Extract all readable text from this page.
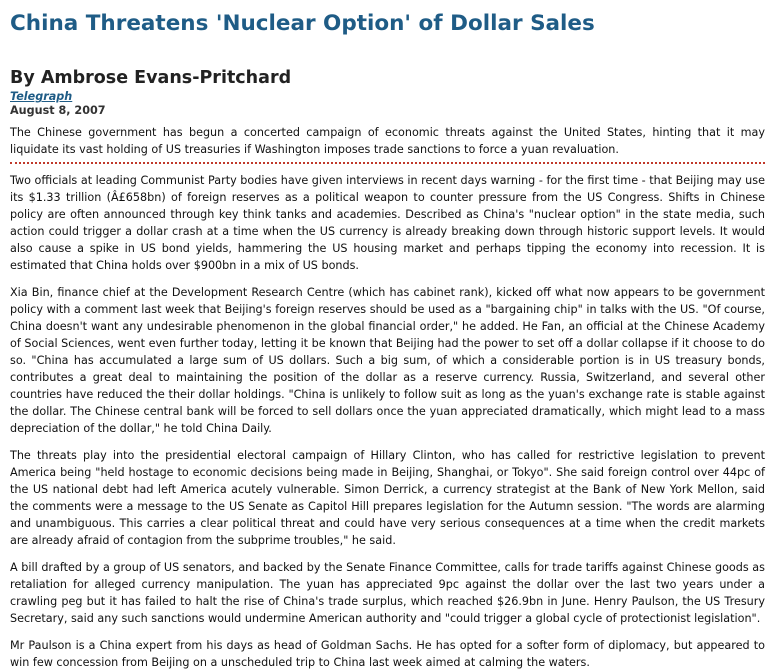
China Threatens 'Nuclear Option' of Dollar Sales
By Ambrose Evans-Pritchard
Telegraph

August 8, 2007

The Chinese government has begun a concerted campaign of economic threats against the United States, hinting that it may liquidate its vast holding of US treasuries if Washington imposes trade sanctions to force a yuan revaluation.

Two officials at leading Communist Party bodies have given interviews in recent days warning - for the first time - that Beijing may use its $1.33 trillion (Â£658bn) of foreign reserves as a political weapon to counter pressure from the US Congress. Shifts in Chinese policy are often announced through key think tanks and academies. Described as China's "nuclear option" in the state media, such action could trigger a dollar crash at a time when the US currency is already breaking down through historic support levels. It would also cause a spike in US bond yields, hammering the US housing market and perhaps tipping the economy into recession. It is estimated that China holds over $900bn in a mix of US bonds.

Xia Bin, finance chief at the Development Research Centre (which has cabinet rank), kicked off what now appears to be government policy with a comment last week that Beijing's foreign reserves should be used as a "bargaining chip" in talks with the US. "Of course, China doesn't want any undesirable phenomenon in the global financial order," he added. He Fan, an official at the Chinese Academy of Social Sciences, went even further today, letting it be known that Beijing had the power to set off a dollar collapse if it choose to do so. "China has accumulated a large sum of US dollars. Such a big sum, of which a considerable portion is in US treasury bonds, contributes a great deal to maintaining the position of the dollar as a reserve currency. Russia, Switzerland, and several other countries have reduced the their dollar holdings. "China is unlikely to follow suit as long as the yuan's exchange rate is stable against the dollar. The Chinese central bank will be forced to sell dollars once the yuan appreciated dramatically, which might lead to a mass depreciation of the dollar," he told China Daily.

The threats play into the presidential electoral campaign of Hillary Clinton, who has called for restrictive legislation to prevent America being "held hostage to economic decisions being made in Beijing, Shanghai, or Tokyo". She said foreign control over 44pc of the US national debt had left America acutely vulnerable. Simon Derrick, a currency strategist at the Bank of New York Mellon, said the comments were a message to the US Senate as Capitol Hill prepares legislation for the Autumn session. "The words are alarming and unambiguous. This carries a clear political threat and could have very serious consequences at a time when the credit markets are already afraid of contagion from the subprime troubles," he said.

A bill drafted by a group of US senators, and backed by the Senate Finance Committee, calls for trade tariffs against Chinese goods as retaliation for alleged currency manipulation. The yuan has appreciated 9pc against the dollar over the last two years under a crawling peg but it has failed to halt the rise of China's trade surplus, which reached $26.9bn in June. Henry Paulson, the US Tresury Secretary, said any such sanctions would undermine American authority and "could trigger a global cycle of protectionist legislation".

Mr Paulson is a China expert from his days as head of Goldman Sachs. He has opted for a softer form of diplomacy, but appeared to win few concession from Beijing on a unscheduled trip to China last week aimed at calming the waters.
